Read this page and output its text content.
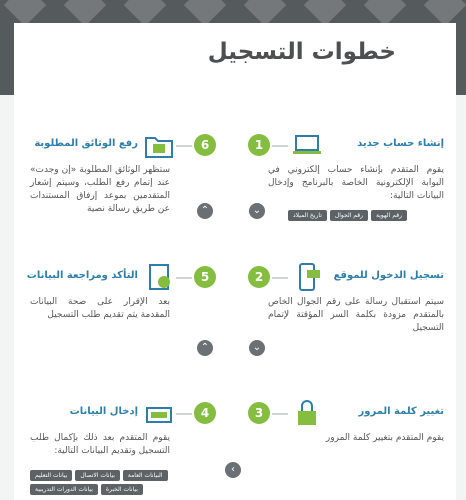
خطوات التسجيل
1	إنشاء حساب جديد
يقوم المتقدم بإنشاء حساب إلكتروني في البوابة الإلكترونية الخاصة بالبرنامج وإدخال البيانات التالية:
رقم الهوية
رقم الجوال
تاريخ الميلاد
⌄
2	تسجيل الدخول للموقع
سيتم استقبال رسالة على رقم الجوال الخاص بالمتقدم مزودة بكلمة السر المؤقتة لإتمام التسجيل
⌄
3	تغيير كلمة المرور
يقوم المتقدم بتغيير كلمة المرور
6
رفع الوثائق المطلوبة
ستظهر الوثائق المطلوبة «إن وجدت» عند إتمام رفع الطلب، وسيتم إشعار المتقدمين بموعد إرفاق المستندات عن طريق رسالة نصية	⌃
5
التأكد ومراجعة البيانات
بعد الإقرار على صحة البيانات المقدمة يتم تقديم طلب التسجيل
⌃
4
إدخال البيانات
يقوم المتقدم بعد ذلك بإكمال طلب التسجيل وتقديم البيانات التالية:
البيانات العامة
بيانات الاتصال
بيانات التعليم
بيانات الخبرة
بيانات الدورات التدريبية
‹
